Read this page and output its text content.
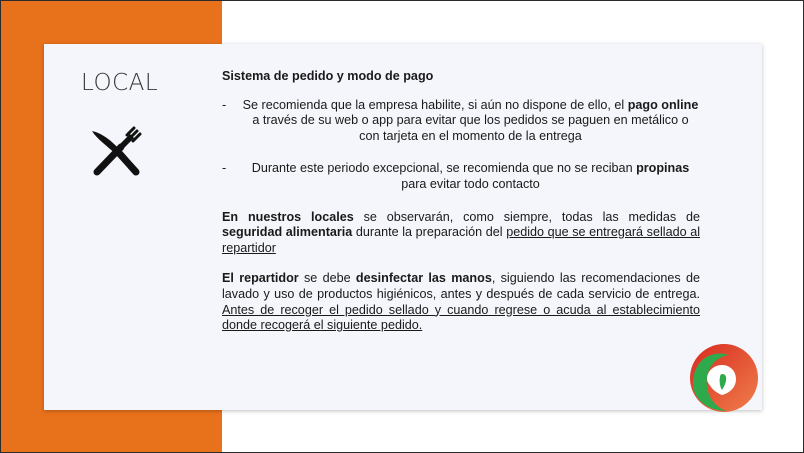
LOCAL	Sistema de pedido y modo de pago
-	Se recomienda que la empresa habilite, si aún no dispone de ello, el pago online a través de su web o app para evitar que los pedidos se paguen en metálico o con tarjeta en el momento de la entrega
-	Durante este periodo excepcional, se recomienda que no se reciban propinas para evitar todo contacto
En nuestros locales se observarán, como siempre, todas las medidas de seguridad alimentaria durante la preparación del pedido que se entregará sellado al repartidor
El repartidor se debe desinfectar las manos, siguiendo las recomendaciones de lavado y uso de productos higiénicos, antes y después de cada servicio de entrega. Antes de recoger el pedido sellado y cuando regrese o acuda al establecimiento donde recogerá el siguiente pedido.
